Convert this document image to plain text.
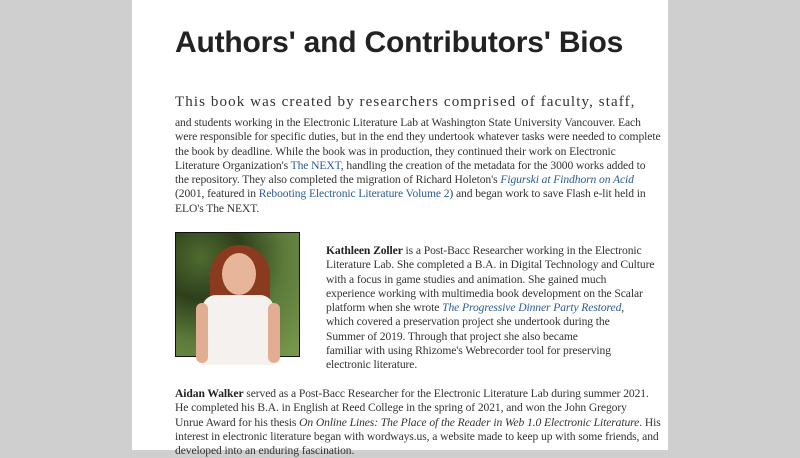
Authors' and Contributors' Bios
This book was created by researchers comprised of faculty, staff,
and students working in the Electronic Literature Lab at Washington State University Vancouver. Each
were responsible for specific duties, but in the end they undertook whatever tasks were needed to complete
the book by deadline. While the book was in production, they continued their work on Electronic
Literature Organization's The NEXT, handling the creation of the metadata for the 3000 works added to
the repository. They also completed the migration of Richard Holeton's Figurski at Findhorn on Acid
(2001, featured in Rebooting Electronic Literature Volume 2) and began work to save Flash e-lit held in
ELO's The NEXT.
Kathleen Zoller is a Post-Bacc Researcher working in the Electronic
Literature Lab. She completed a B.A. in Digital Technology and Culture
with a focus in game studies and animation. She gained much
experience working with multimedia book development on the Scalar
platform when she wrote The Progressive Dinner Party Restored,
which covered a preservation project she undertook during the
Summer of 2019. Through that project she also became
familiar with using Rhizome's Webrecorder tool for preserving
electronic literature.
Aidan Walker served as a Post-Bacc Researcher for the Electronic Literature Lab during summer 2021.
He completed his B.A. in English at Reed College in the spring of 2021, and won the John Gregory
Unrue Award for his thesis On Online Lines: The Place of the Reader in Web 1.0 Electronic Literature. His
interest in electronic literature began with wordways.us, a website made to keep up with some friends, and
developed into an enduring fascination.
